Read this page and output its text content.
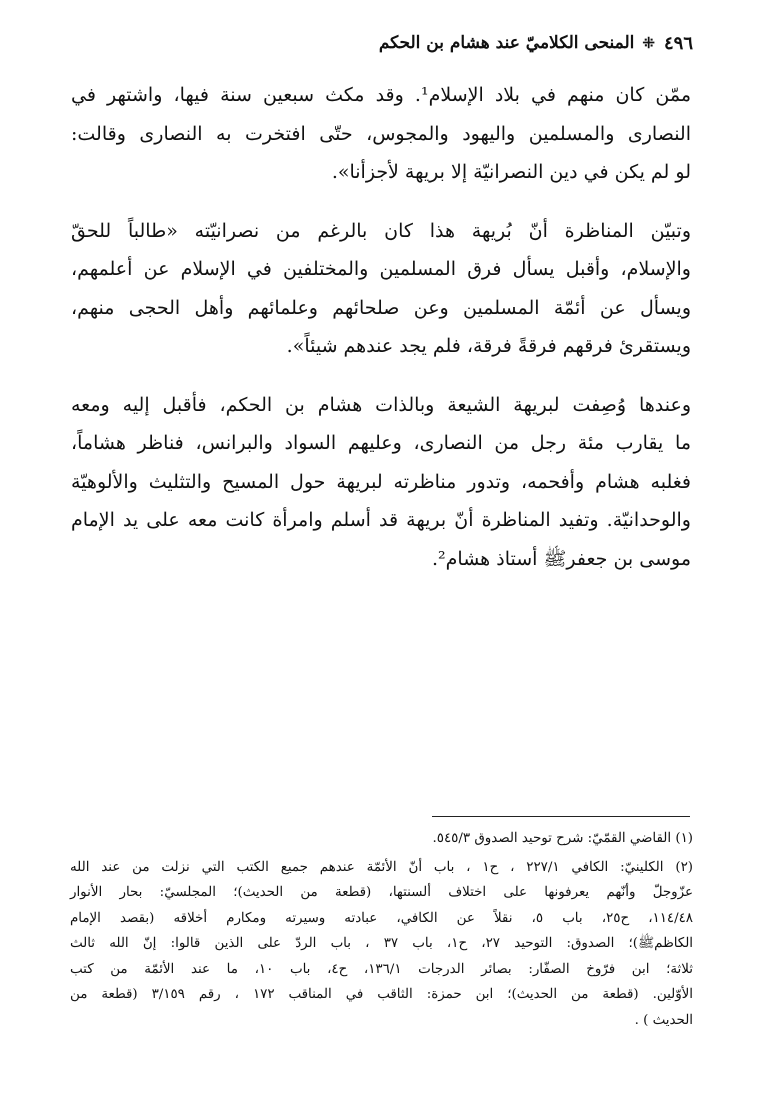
٤٩٦
⁜
المنحى الكلاميّ عند هشام بن الحكم
ممّن كان منهم في بلاد الإسلام¹. وقد مكث سبعين سنة فيها، واشتهر في
النصارى والمسلمين واليهود والمجوس، حتّى افتخرت به النصارى وقالت:
لو لم يكن في دين النصرانيّة إلا بريهة لأجزأنا».
وتبيّن المناظرة أنّ بُريهة هذا كان بالرغم من نصرانيّته «طالباً للحقّ
والإسلام، وأقبل يسأل فرق المسلمين والمختلفين في الإسلام عن أعلمهم،
ويسأل عن أئمّة المسلمين وعن صلحائهم وعلمائهم وأهل الحجى منهم،
ويستقرئ فرقهم فرقةً فرقة، فلم يجد عندهم شيئاً».
وعندها وُصِفت لبريهة الشيعة وبالذات هشام بن الحكم، فأقبل إليه ومعه
ما يقارب مئة رجل من النصارى، وعليهم السواد والبرانس، فناظر هشاماً،
فغلبه هشام وأفحمه، وتدور مناظرته لبريهة حول المسيح والتثليث والألوهيّة
والوحدانيّة. وتفيد المناظرة أنّ بريهة قد أسلم وامرأة كانت معه على يد الإمام
موسى بن جعفرﷺ أستاذ هشام².
(١) القاضي القمّيّ: شرح توحيد الصدوق ٥٤٥/٣.
(٢) الكلينيّ: الكافي ٢٢٧/١ ، ح١ ، باب أنّ الأئمّة عندهم جميع الكتب التي نزلت من عند الله
عزّوجلّ وأنّهم يعرفونها على اختلاف ألسنتها، (قطعة من الحديث)؛ المجلسيّ: بحار الأنوار
١١٤/٤٨، ح٢٥، باب ٥، نقلاً عن الكافي، عبادته وسيرته ومكارم أخلاقه (بقصد الإمام
الكاظمﷺ)؛ الصدوق: التوحيد ٢٧، ح١، باب ٣٧ ، باب الردّ على الذين قالوا: إنّ الله ثالث
ثلاثة؛ ابن فرّوخ الصفّار: بصائر الدرجات ١٣٦/١، ح٤، باب ١٠، ما عند الأئمّة من كتب
الأوّلين. (قطعة من الحديث)؛ ابن حمزة: الثاقب في المناقب ١٧٢ ، رقم ٣/١٥٩ (قطعة من
الحديث ) .
